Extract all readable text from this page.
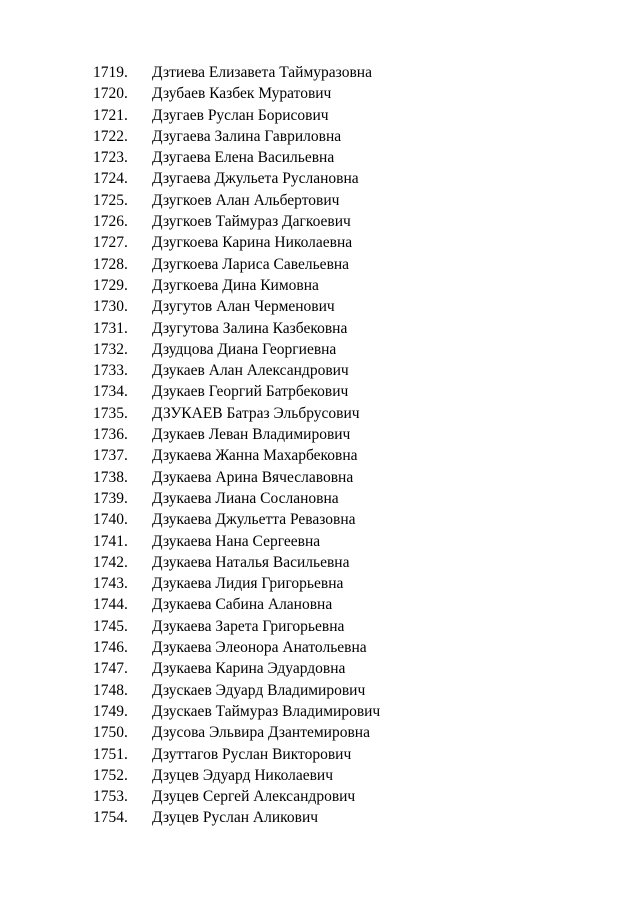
1719.	Дзтиева Елизавета Таймуразовна
1720.	Дзубаев Казбек Муратович
1721.	Дзугаев Руслан Борисович
1722.	Дзугаева Залина Гавриловна
1723.	Дзугаева Елена Васильевна
1724.	Дзугаева Джульета Руслановна
1725.	Дзугкоев Алан Альбертович
1726.	Дзугкоев Таймураз Дагкоевич
1727.	Дзугкоева Карина Николаевна
1728.	Дзугкоева Лариса Савельевна
1729.	Дзугкоева Дина Кимовна
1730.	Дзугутов Алан Черменович
1731.	Дзугутова Залина Казбековна
1732.	Дзудцова Диана Георгиевна
1733.	Дзукаев Алан Александрович
1734.	Дзукаев Георгий Батрбекович
1735.	ДЗУКАЕВ Батраз Эльбрусович
1736.	Дзукаев Леван Владимирович
1737.	Дзукаева Жанна Махарбековна
1738.	Дзукаева Арина Вячеславовна
1739.	Дзукаева Лиана Сослановна
1740.	Дзукаева Джульетта Ревазовна
1741.	Дзукаева Нана Сергеевна
1742.	Дзукаева Наталья Васильевна
1743.	Дзукаева Лидия Григорьевна
1744.	Дзукаева Сабина Алановна
1745.	Дзукаева Зарета Григорьевна
1746.	Дзукаева Элеонора Анатольевна
1747.	Дзукаева Карина Эдуардовна
1748.	Дзускаев Эдуард Владимирович
1749.	Дзускаев Таймураз Владимирович
1750.	Дзусова Эльвира Дзантемировна
1751.	Дзуттагов Руслан Викторович
1752.	Дзуцев Эдуард Николаевич
1753.	Дзуцев Сергей Александрович
1754.	Дзуцев Руслан Аликович
